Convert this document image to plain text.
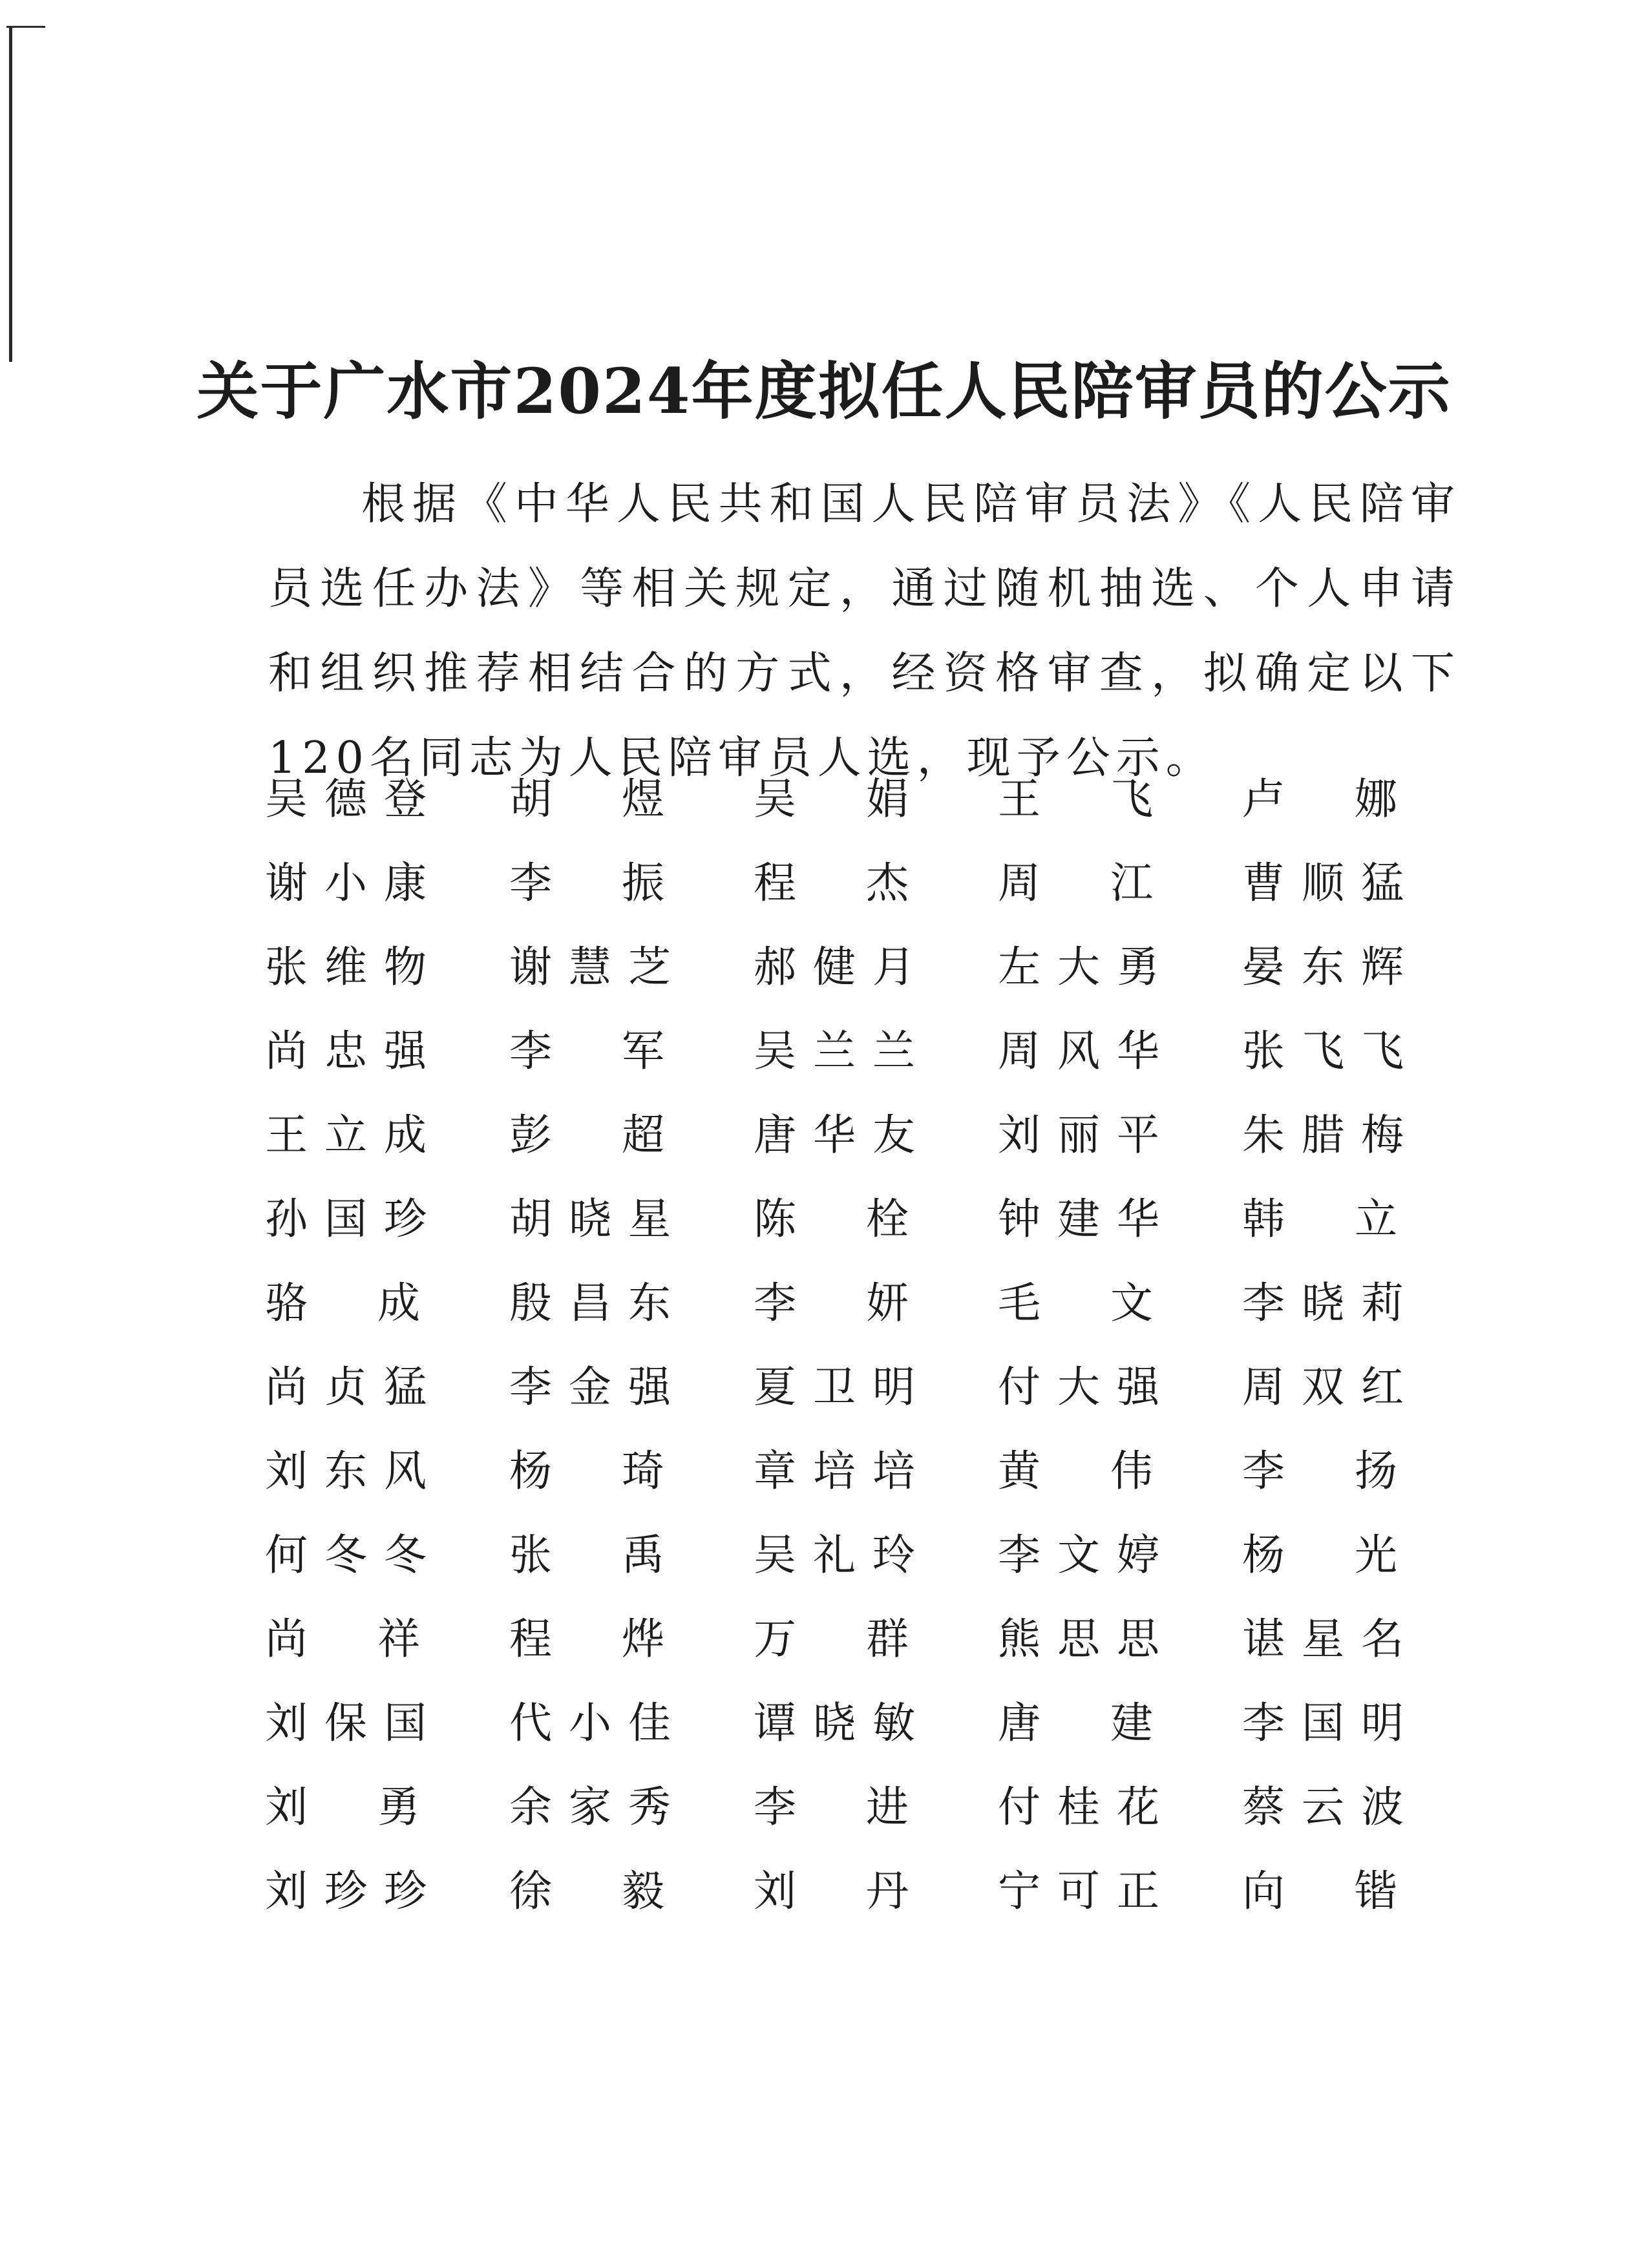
关于广水市2024年度拟任人民陪审员的公示

根据《中华人民共和国人民陪审员法》《人民陪审员选任办法》等相关规定，通过随机抽选、个人申请和组织推荐相结合的方式，经资格审查，拟确定以下120名同志为人民陪审员人选，现予公示。

吴 德 登 胡 煜 吴 娟 王 飞 卢 娜
谢 小 康 李 振 程 杰 周 江 曹 顺 猛
张 维 物 谢 慧 芝 郝 健 月 左 大 勇 晏 东 辉
尚 忠 强 李 军 吴 兰 兰 周 风 华 张 飞 飞
王 立 成 彭 超 唐 华 友 刘 丽 平 朱 腊 梅
孙 国 珍 胡 晓 星 陈 栓 钟 建 华 韩 立
骆 成 殷 昌 东 李 妍 毛 文 李 晓 莉
尚 贞 猛 李 金 强 夏 卫 明 付 大 强 周 双 红
刘 东 风 杨 琦 章 培 培 黄 伟 李 扬
何 冬 冬 张 禹 吴 礼 玲 李 文 婷 杨 光
尚 祥 程 烨 万 群 熊 思 思 谌 星 名
刘 保 国 代 小 佳 谭 晓 敏 唐 建 李 国 明
刘 勇 余 家 秀 李 进 付 桂 花 蔡 云 波
刘 珍 珍 徐 毅 刘 丹 宁 可 正 向 锴
